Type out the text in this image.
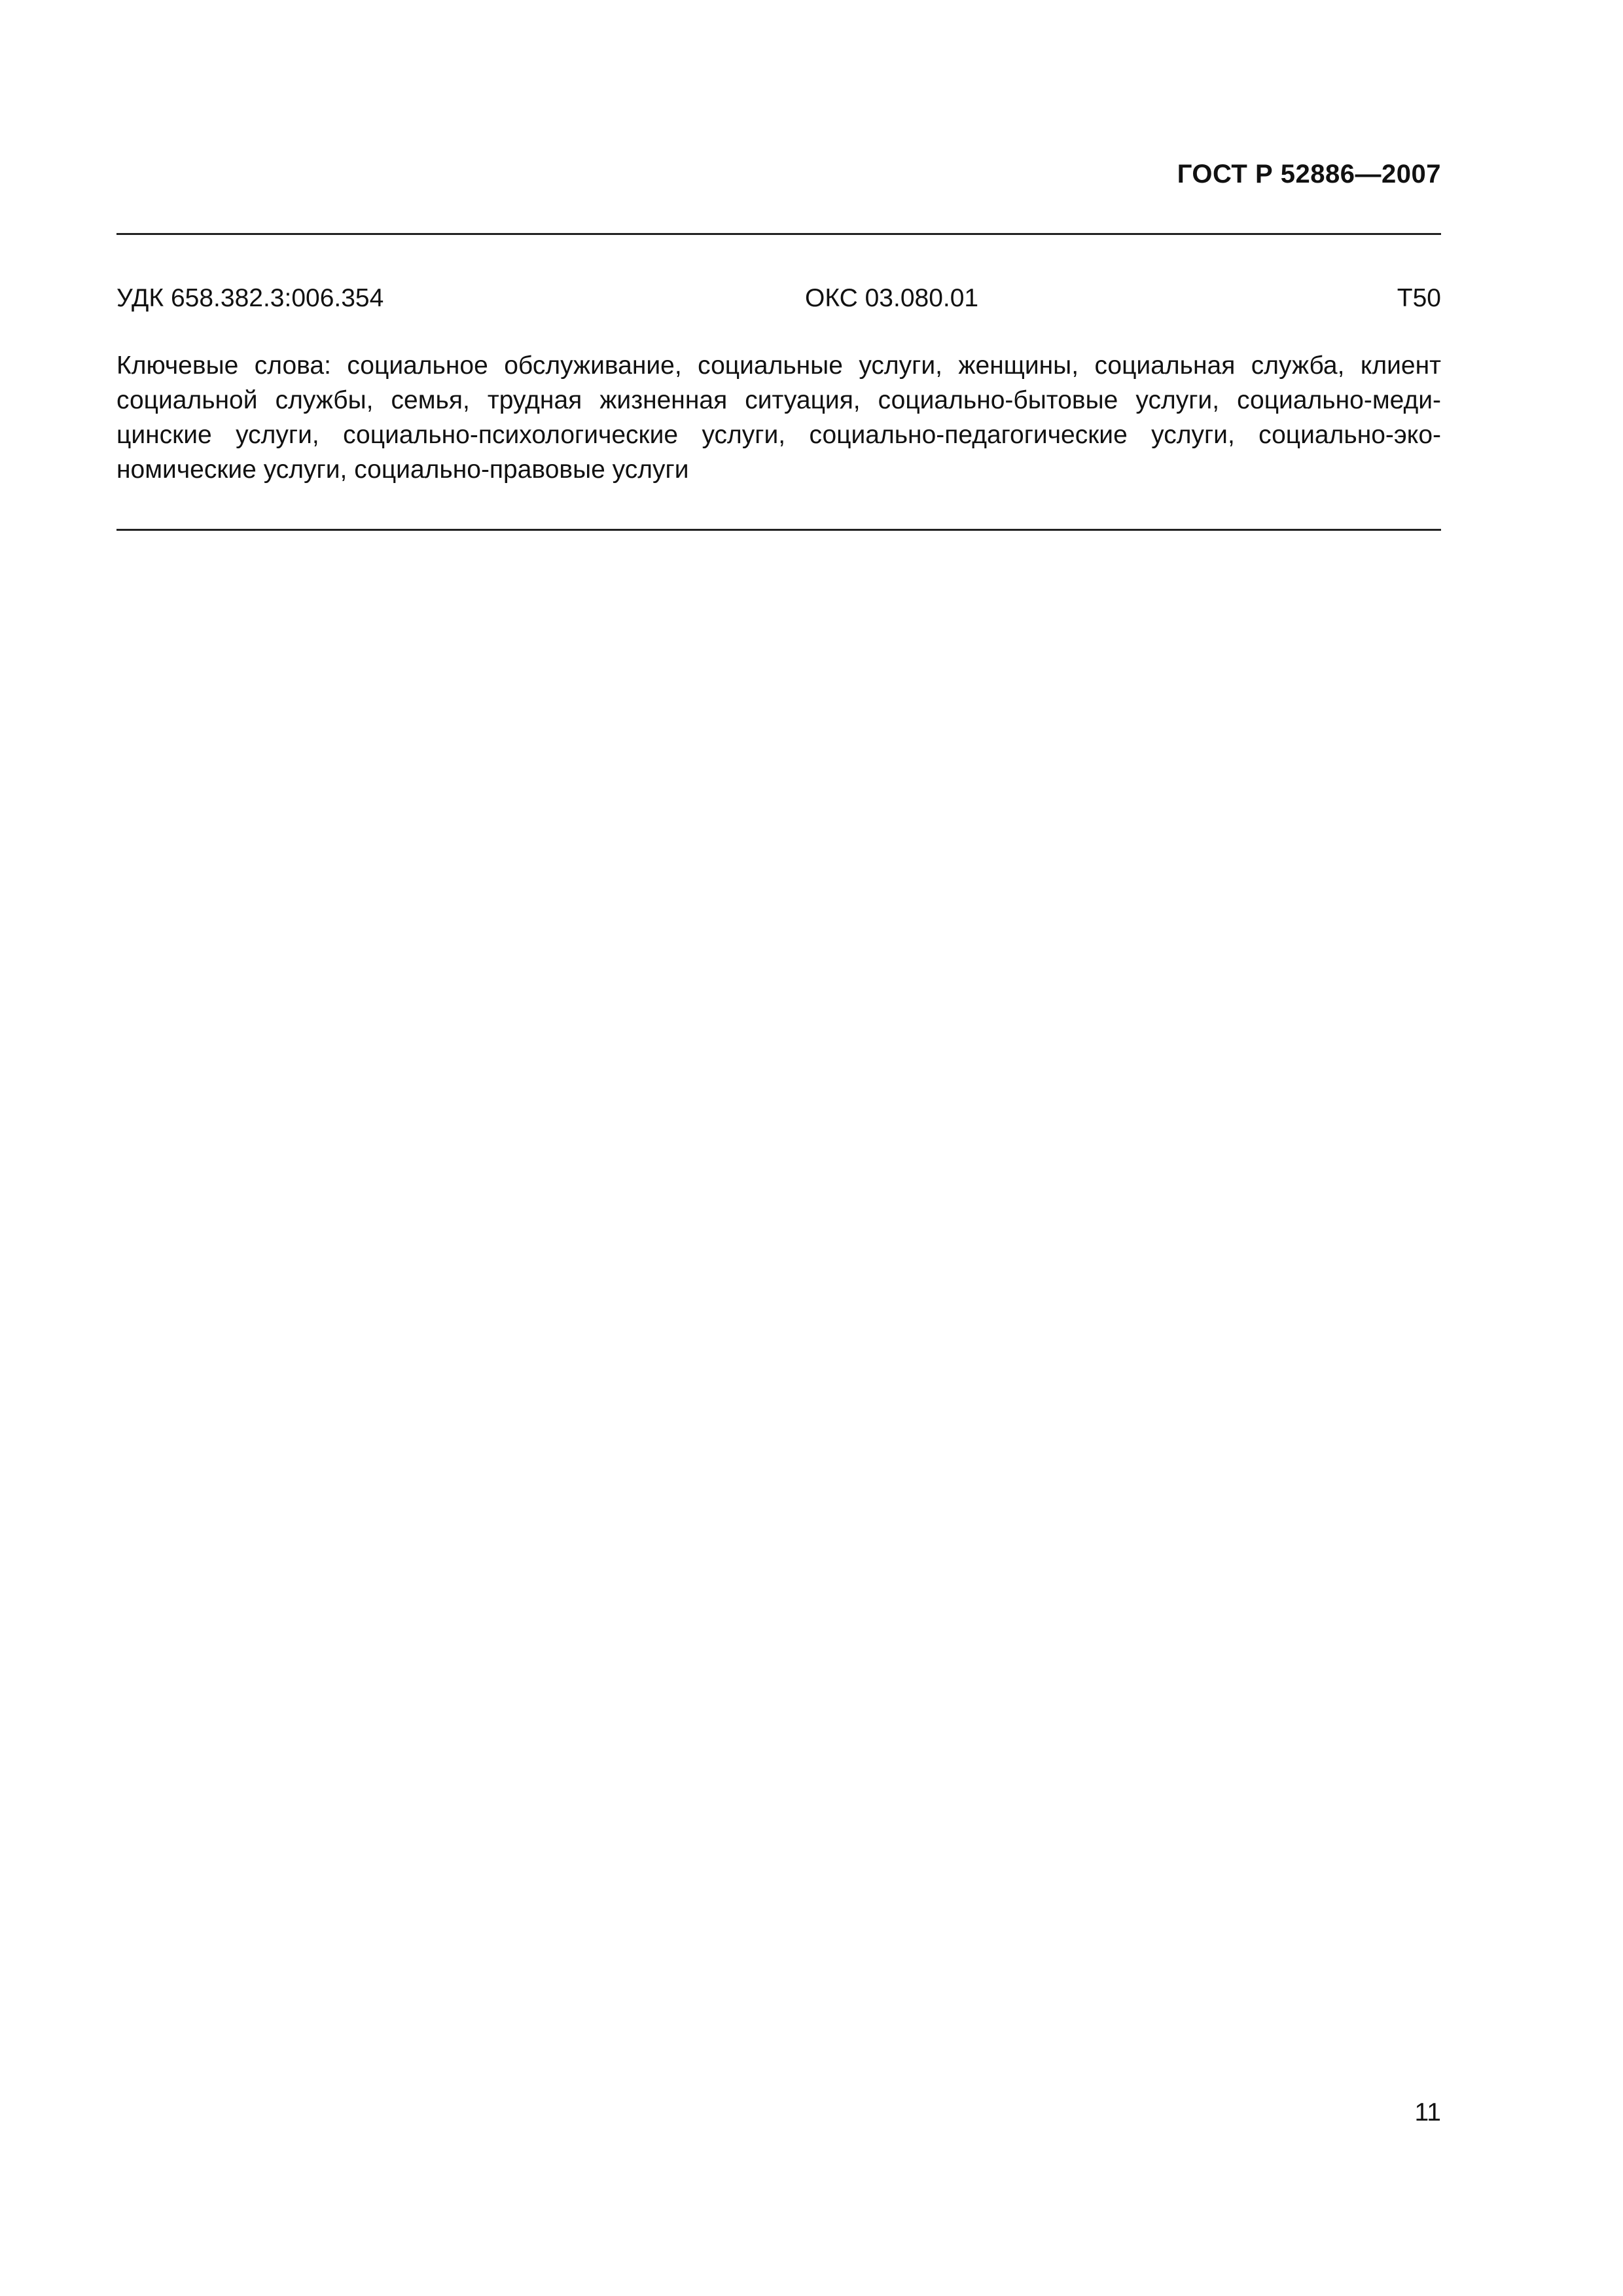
ГОСТ Р 52886—2007
УДК 658.382.3:006.354	ОКС 03.080.01	Т50
Ключевые слова: социальное обслуживание, социальные услуги, женщины, социальная служба, клиент
социальной службы, семья, трудная жизненная ситуация, социально-бытовые услуги, социально-меди-
цинские услуги, социально-психологические услуги, социально-педагогические услуги, социально-эко-
номические услуги, социально-правовые услуги
11
